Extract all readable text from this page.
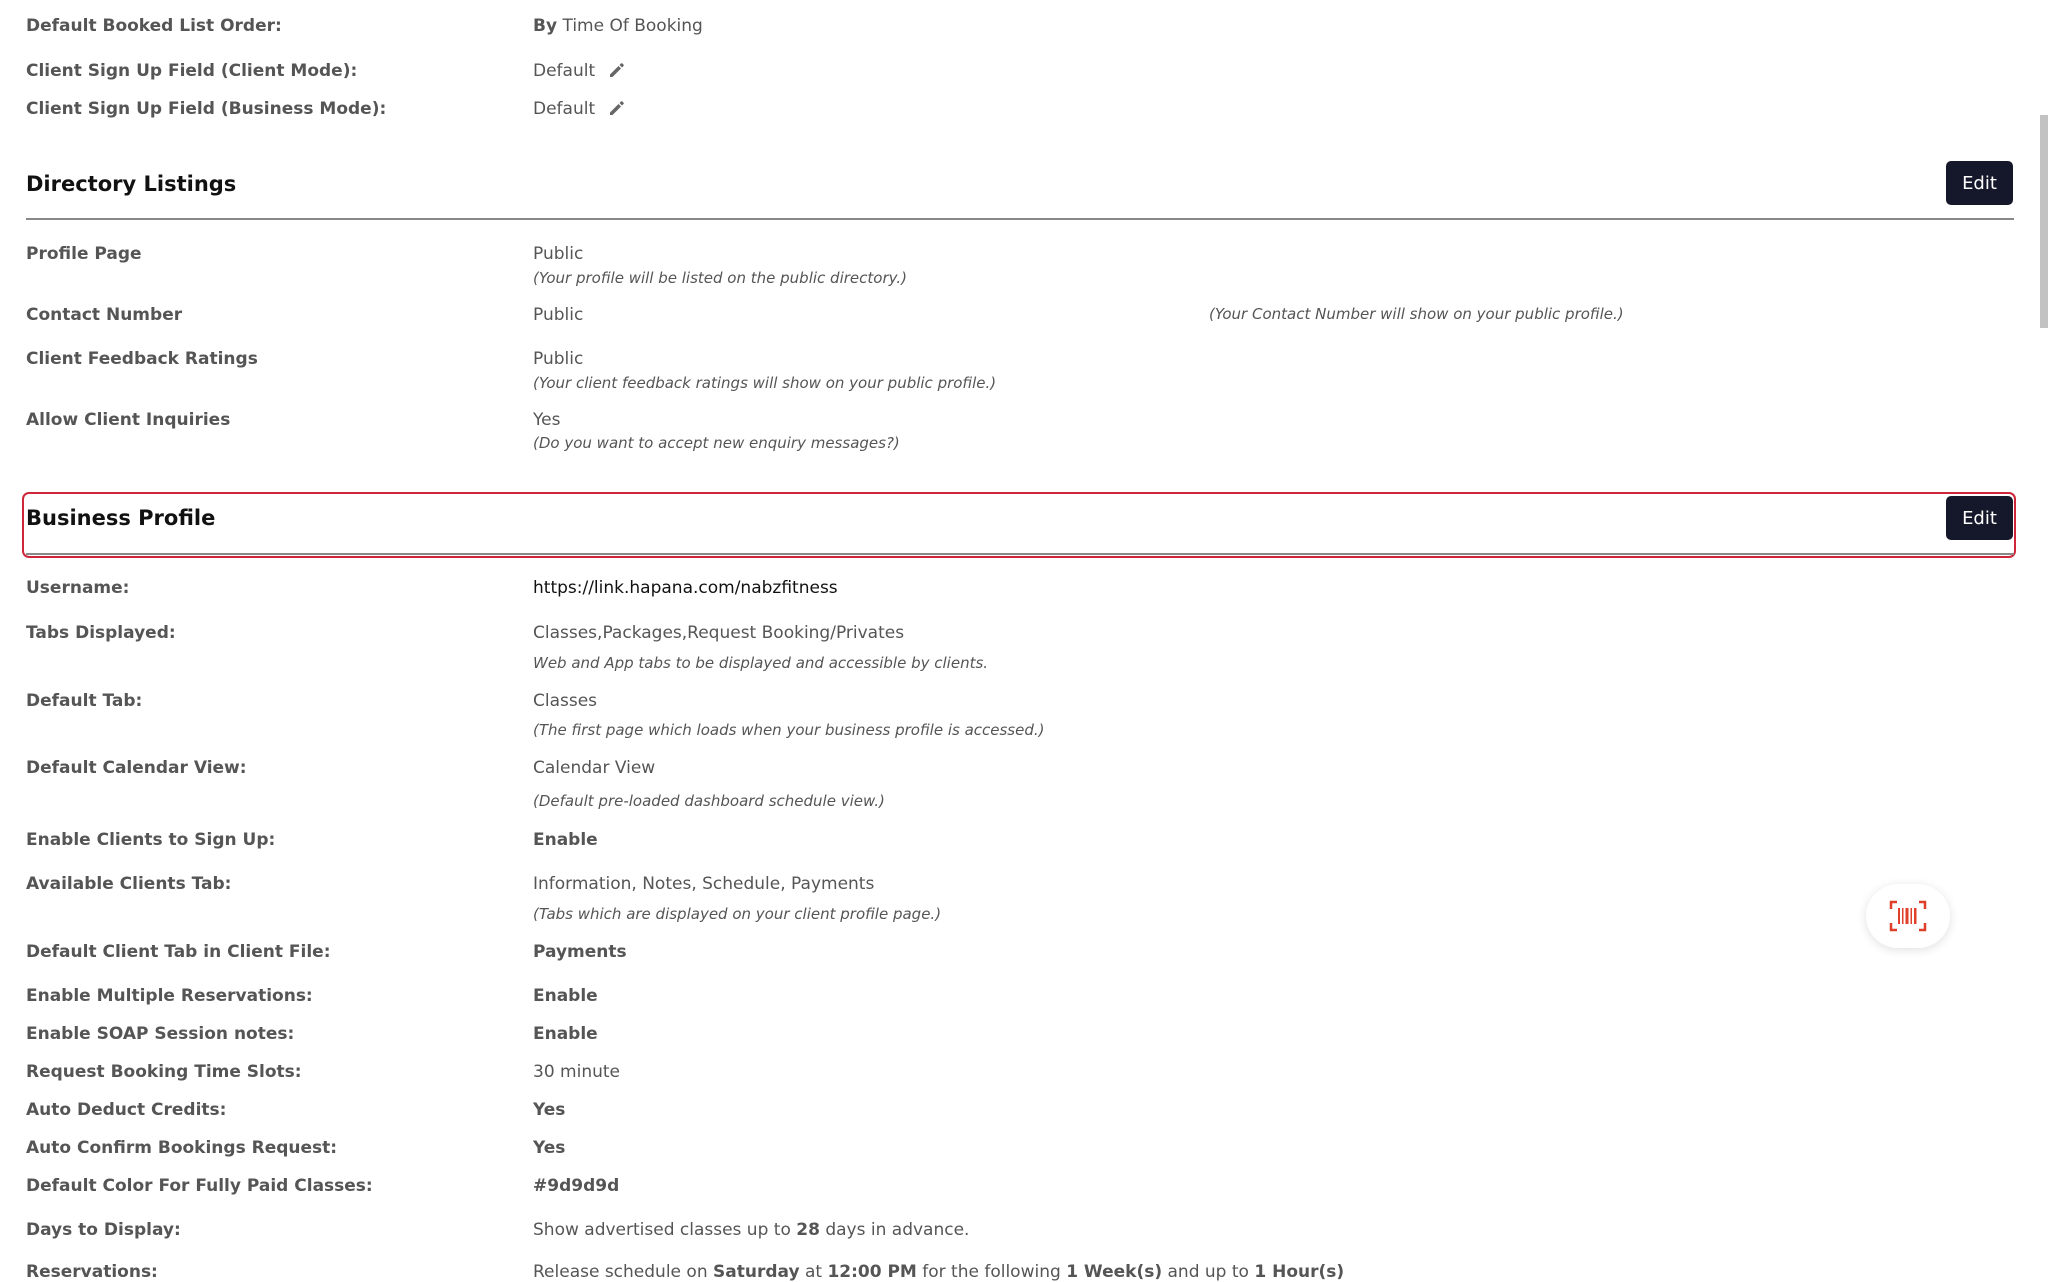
Default Booked List Order:	By Time Of Booking
Client Sign Up Field (Client Mode):	Default
Client Sign Up Field (Business Mode):	Default
Directory Listings	Edit
Profile Page	Public
(Your profile will be listed on the public directory.)
Contact Number	Public	(Your Contact Number will show on your public profile.)
Client Feedback Ratings	Public
(Your client feedback ratings will show on your public profile.)
Allow Client Inquiries	Yes
(Do you want to accept new enquiry messages?)
Business Profile	Edit
Username:	https://link.hapana.com/nabzfitness
Tabs Displayed:	Classes,Packages,Request Booking/Privates
Web and App tabs to be displayed and accessible by clients.
Default Tab:	Classes
(The first page which loads when your business profile is accessed.)
Default Calendar View:	Calendar View
(Default pre-loaded dashboard schedule view.)
Enable Clients to Sign Up:	Enable
Available Clients Tab:	Information, Notes, Schedule, Payments
(Tabs which are displayed on your client profile page.)
Default Client Tab in Client File:	Payments
Enable Multiple Reservations:	Enable
Enable SOAP Session notes:	Enable
Request Booking Time Slots:	30 minute
Auto Deduct Credits:	Yes
Auto Confirm Bookings Request:	Yes
Default Color For Fully Paid Classes:	#9d9d9d
Days to Display:	Show advertised classes up to 28 days in advance.
Reservations:	Release schedule on Saturday at 12:00 PM for the following 1 Week(s) and up to 1 Hour(s)
